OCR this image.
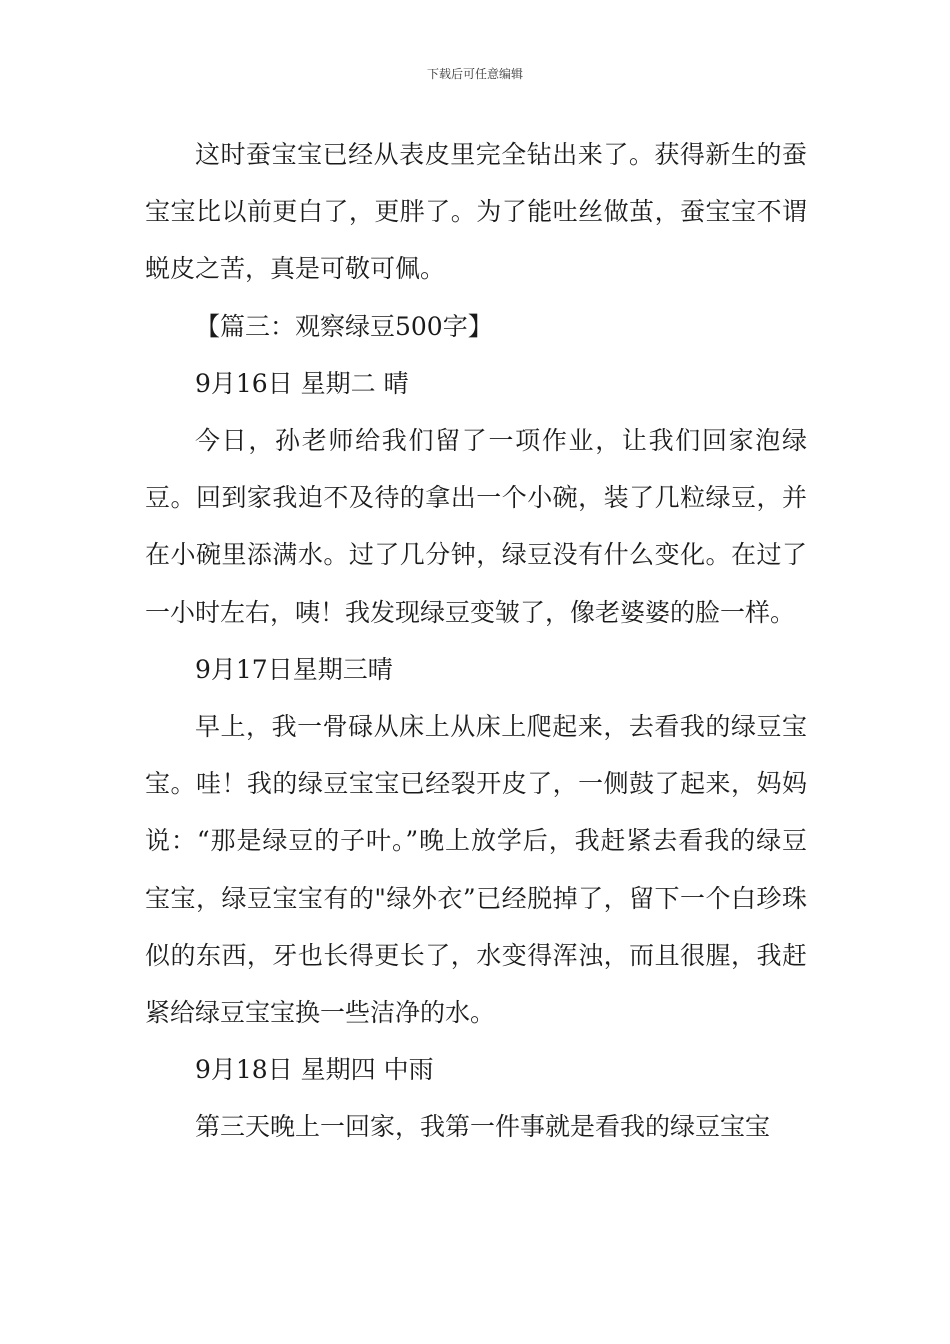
下载后可任意编辑

这时蚕宝宝已经从表皮里完全钻出来了。获得新生的蚕宝宝比以前更白了，更胖了。为了能吐丝做茧，蚕宝宝不谓蜕皮之苦，真是可敬可佩。

【篇三：观察绿豆500字】

9月16日 星期二 晴

今日，孙老师给我们留了一项作业，让我们回家泡绿豆。回到家我迫不及待的拿出一个小碗，装了几粒绿豆，并在小碗里添满水。过了几分钟，绿豆没有什么变化。在过了一小时左右，咦！我发现绿豆变皱了，像老婆婆的脸一样。

9月17日星期三晴

早上，我一骨碌从床上从床上爬起来，去看我的绿豆宝宝。哇！我的绿豆宝宝已经裂开皮了，一侧鼓了起来，妈妈说：“那是绿豆的子叶。”晚上放学后，我赶紧去看我的绿豆宝宝，绿豆宝宝有的"绿外衣”已经脱掉了，留下一个白珍珠似的东西，牙也长得更长了，水变得浑浊，而且很腥，我赶紧给绿豆宝宝换一些洁净的水。

9月18日 星期四 中雨

第三天晚上一回家，我第一件事就是看我的绿豆宝宝
